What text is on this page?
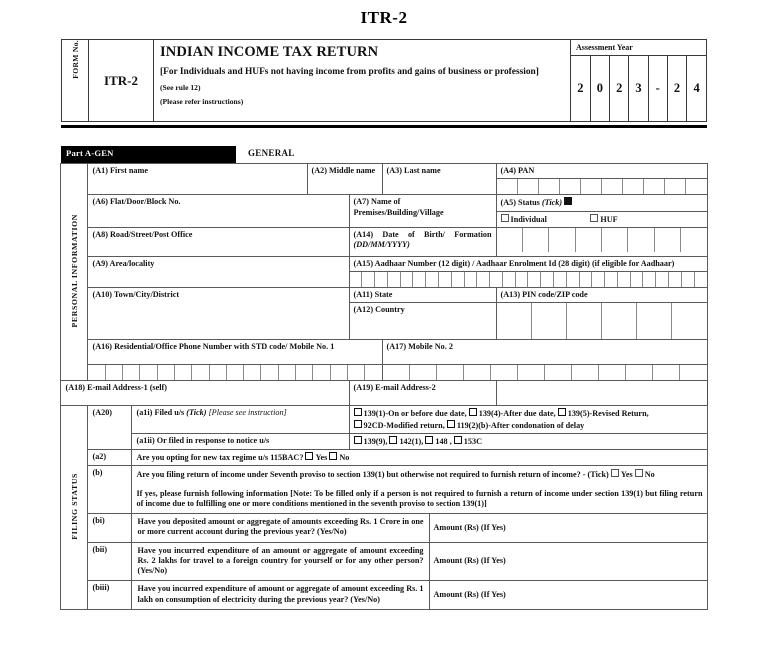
ITR-2
FORM No.
	ITR-2	
INDIAN INCOME TAX RETURN
[For Individuals and HUFs not having income from profits and gains of business or profession]
(See rule 12)
(Please refer instructions)

Assessment Year
2	0	2	3	-	2	4
Part A-GEN	GENERAL
PERSONAL INFORMATION	(A1) First name		(A2) Middle name		(A3) Last name		(A4) PAN

	(A6) Flat/Door/Block No.			(A7) Name of Premises/Building/Village			(A5) Status (Tick)

							Individual HUF

	(A8) Road/Street/Post Office			(A14) Date of Birth/ Formation
(DD/MM/YYYY)			

	(A9) Area/locality			(A15) Aadhaar Number (12 digit) / Aadhaar Enrolment Id (28 digit) (if eligible for Aadhaar)			

	(A10) Town/City/District			(A11) State			(A13) PIN code/ZIP code
				(A12) Country			

	(A16) Residential/Office Phone Number with STD code/ Mobile No. 1				(A17) Mobile No. 2		

(A18) E-mail Address-1 (self)				(A19) E-mail Address-2			
FILING STATUS	(A20)	(a1i) Filed u/s (Tick) [Please see instruction]		139(1)-On or before due date, 139(4)-After due date, 139(5)-Revised Return,
92CD-Modified return, 119(2)(b)-After condonation of delay			

		(a1ii) Or filed in response to notice u/s		139(9), 142(1), 148 , 153C			
	(a2)	Are you opting for new tax regime u/s 115BAC? Yes No					
	(b)	Are you filing return of income under Seventh proviso to section 139(1) but otherwise not required to furnish return of income? - (Tick) Yes No
If yes, please furnish following information [Note: To be filled only if a person is not required to furnish a return of income under section 139(1) but filing return of income due to fulfilling one or more conditions mentioned in the seventh proviso to section 139(1)]					

	(bi)	Have you deposited amount or aggregate of amounts exceeding Rs. 1 Crore in one or more current account during the previous year? (Yes/No)				Amount (Rs) (If Yes)	
	(bii)	Have you incurred expenditure of an amount or aggregate of amount exceeding Rs. 2 lakhs for travel to a foreign country for yourself or for any other person? (Yes/No)				Amount (Rs) (If Yes)	
	(biii)	Have you incurred expenditure of amount or aggregate of amount exceeding Rs. 1 lakh on consumption of electricity during the previous year? (Yes/No)				Amount (Rs) (If Yes)	
